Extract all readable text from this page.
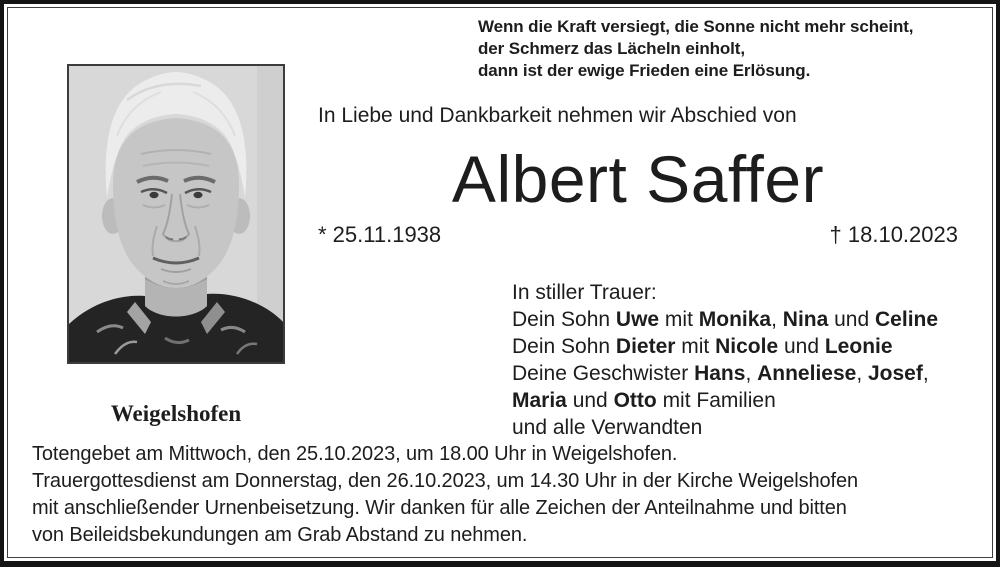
Weigelshofen
Wenn die Kraft versiegt, die Sonne nicht mehr scheint,
der Schmerz das Lächeln einholt,
dann ist der ewige Frieden eine Erlösung.
In Liebe und Dankbarkeit nehmen wir Abschied von
Albert Saffer
* 25.11.1938	† 18.10.2023
In stiller Trauer:
Dein Sohn Uwe mit Monika, Nina und Celine
Dein Sohn Dieter mit Nicole und Leonie
Deine Geschwister Hans, Anneliese, Josef,
Maria und Otto mit Familien
und alle Verwandten
Totengebet am Mittwoch, den 25.10.2023, um 18.00 Uhr in Weigelshofen.
Trauergottesdienst am Donnerstag, den 26.10.2023, um 14.30 Uhr in der Kirche Weigelshofen
mit anschließender Urnenbeisetzung. Wir danken für alle Zeichen der Anteilnahme und bitten
von Beileidsbekundungen am Grab Abstand zu nehmen.
